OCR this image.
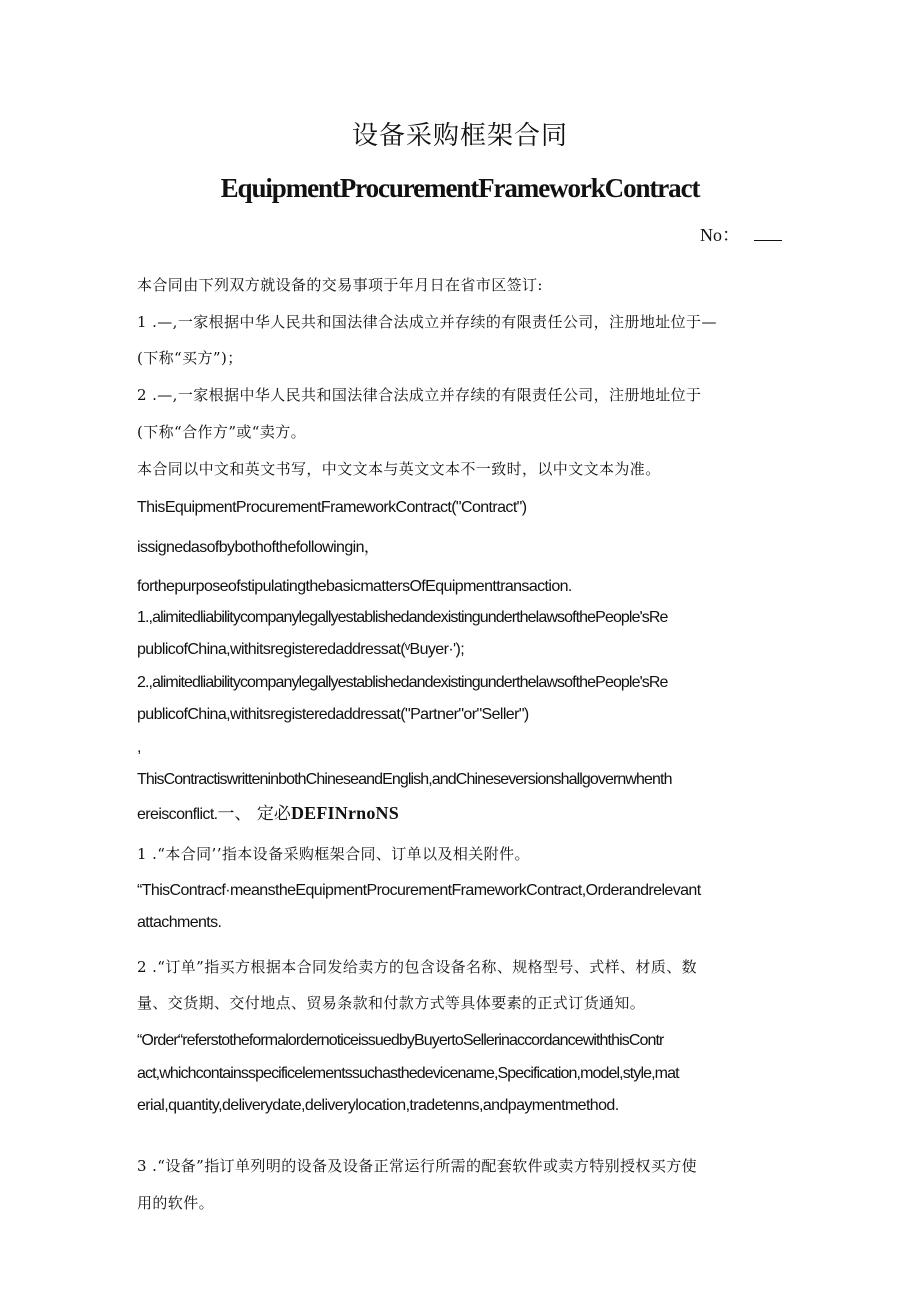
设备采购框架合同
EquipmentProcurementFrameworkContract
No：
本合同由下列双方就设备的交易事项于年月日在省市区签订:
1 .—,一家根据中华人民共和国法律合法成立并存续的有限责任公司，注册地址位于—
(下称“买方”)；
2 .—,一家根据中华人民共和国法律合法成立并存续的有限责任公司，注册地址位于
(下称“合作方”或“卖方。
本合同以中文和英文书写，中文文本与英文文本不一致时，以中文文本为准。
ThisEquipmentProcurementFrameworkContract("Contract")
issignedasofbybothofthefollowingin，
forthepurposeofstipulatingthebasicmattersOfEquipmenttransaction.
1.,alimitedliabilitycompanylegallyestablishedandexistingunderthelawsofthePeople'sRe
publicofChina,withitsregisteredaddressat(ᵛBuyer·');
2.,alimitedliabilitycompanylegallyestablishedandexistingunderthelawsofthePeople'sRe
publicofChina,withitsregisteredaddressat("Partner"or"Seller")
,
ThisContractiswritteninbothChineseandEnglish,andChineseversionshallgovernwhenth
ereisconflict.一、 定必DEFINrnoNS
1 .“本合同’’指本设备采购框架合同、订单以及相关附件。
“ThisContracf·meanstheEquipmentProcurementFrameworkContract,Orderandrelevant
attachments.
2 .“订单”指买方根据本合同发给卖方的包含设备名称、规格型号、式样、材质、数
量、交货期、交付地点、贸易条款和付款方式等具体要素的正式订货通知。
“Order“referstotheformalordernoticeissuedbyBuyertoSellerinaccordancewiththisContr
act,whichcontainsspecificelementssuchasthedevicename,Specification,model,style,mat
erial,quantity,deliverydate,deliverylocation,tradetenns,andpaymentmethod.
3 .“设备”指订单列明的设备及设备正常运行所需的配套软件或卖方特别授权买方使
用的软件。
